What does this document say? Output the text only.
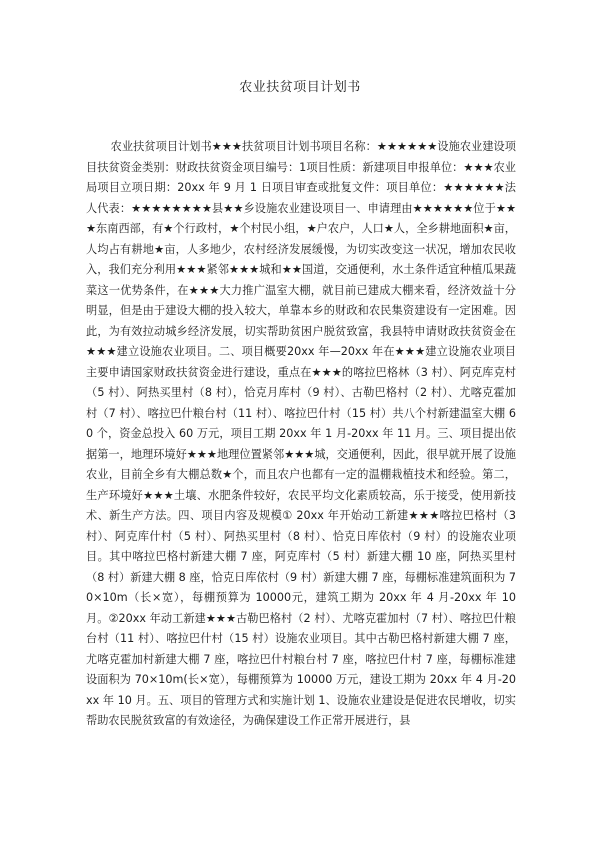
农业扶贫项目计划书

农业扶贫项目计划书★★★扶贫项目计划书项目名称：★★★★★★设施农业建设项目扶贫资金类别：财政扶贫资金项目编号：1项目性质：新建项目申报单位：★★★农业局项目立项日期：20xx 年 9 月 1 日项目审查或批复文件：项目单位：★★★★★★法人代表：★★★★★★★★县★★乡设施农业建设项目一、申请理由★★★★★★位于★★★东南西部，有★个行政村，★个村民小组，★户农户，人口★人，全乡耕地面积★亩，人均占有耕地★亩，人多地少，农村经济发展缓慢，为切实改变这一状况，增加农民收入，我们充分利用★★★紧邻★★★城和★★国道，交通便利，水土条件适宜种植瓜果蔬菜这一优势条件，在★★★大力推广温室大棚，就目前已建成大棚来看，经济效益十分明显，但是由于建设大棚的投入较大，单靠本乡的财政和农民集资建设有一定困难。因此，为有效拉动城乡经济发展，切实帮助贫困户脱贫致富，我县特申请财政扶贫资金在★★★建立设施农业项目。二、项目概要20xx 年—20xx 年在★★★建立设施农业项目主要申请国家财政扶贫资金进行建设，重点在★★★的喀拉巴格林（3 村）、阿克库克村（5 村）、阿热买里村（8 村），恰克月库村（9 村）、古勒巴格村（2 村）、尤喀克霍加村（7 村）、喀拉巴什粮台村（11 村）、喀拉巴什村（15 村）共八个村新建温室大棚 60 个，资金总投入 60 万元，项目工期 20xx 年 1 月-20xx 年 11 月。三、项目提出依据第一，地理环境好★★★地理位置紧邻★★★城，交通便利，因此，很早就开展了设施农业，目前全乡有大棚总数★个，而且农户也都有一定的温棚栽植技术和经验。第二，生产环境好★★★土壤、水肥条件较好，农民平均文化素质较高，乐于接受，使用新技术、新生产方法。四、项目内容及规模① 20xx 年开始动工新建★★★喀拉巴格村（3 村）、阿克库什村（5 村）、阿热买里村（8 村）、恰克日库依村（9 村）的设施农业项目。其中喀拉巴格村新建大棚 7 座，阿克库村（5 村）新建大棚 10 座，阿热买里村（8 村）新建大棚 8 座，恰克日库依村（9 村）新建大棚 7 座，每棚标准建筑面积为 70×10m（长×宽），每棚预算为 10000元，建筑工期为 20xx 年 4 月-20xx 年 10 月。②20xx 年动工新建★★★古勒巴格村（2 村）、尤喀克霍加村（7 村）、喀拉巴什粮台村（11 村）、喀拉巴什村（15 村）设施农业项目。其中古勒巴格村新建大棚 7 座，尤喀克霍加村新建大棚 7 座，喀拉巴什村粮台村 7 座，喀拉巴什村 7 座，每棚标准建设面积为 70×10m(长×宽），每棚预算为 10000 万元，建设工期为 20xx 年 4 月-20xx 年 10 月。五、项目的管理方式和实施计划 1、设施农业建设是促进农民增收，切实帮助农民脱贫致富的有效途径，为确保建设工作正常开展进行，县
